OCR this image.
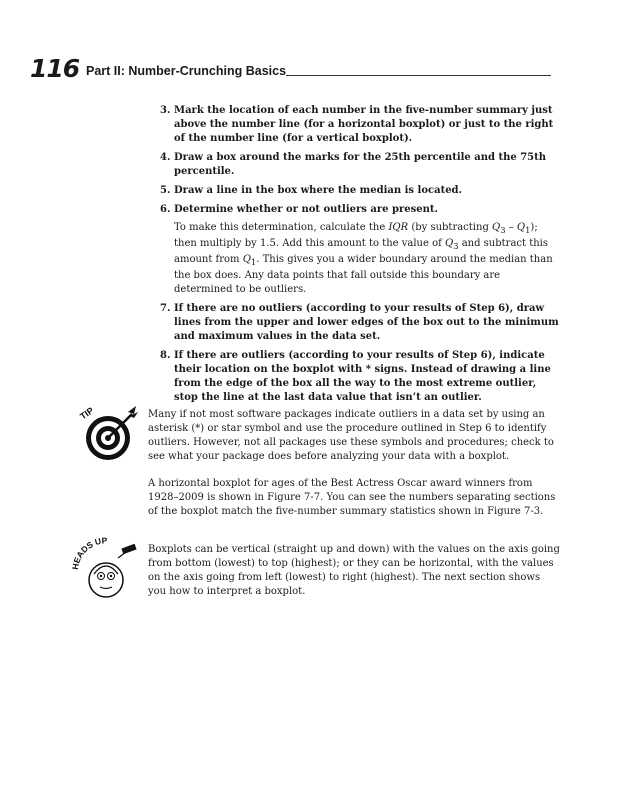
116 Part II: Number-Crunching Basics
3. Mark the location of each number in the five-number summary just above the number line (for a horizontal boxplot) or just to the right of the number line (for a vertical boxplot).
4. Draw a box around the marks for the 25th percentile and the 75th percentile.
5. Draw a line in the box where the median is located.
6. Determine whether or not outliers are present.
To make this determination, calculate the IQR (by subtracting $Q_3 - Q_1$); then multiply by 1.5. Add this amount to the value of $Q_3$ and subtract this amount from $Q_1$. This gives you a wider boundary around the median than the box does. Any data points that fall outside this boundary are determined to be outliers.
7. If there are no outliers (according to your results of Step 6), draw lines from the upper and lower edges of the box out to the minimum and maximum values in the data set.
8. If there are outliers (according to your results of Step 6), indicate their location on the boxplot with * signs. Instead of drawing a line from the edge of the box all the way to the most extreme outlier, stop the line at the last data value that isn’t an outlier.
TIP	Many if not most software packages indicate outliers in a data set by using an asterisk (*) or star symbol and use the procedure outlined in Step 6 to identify outliers. However, not all packages use these symbols and procedures; check to see what your package does before analyzing your data with a boxplot.

A horizontal boxplot for ages of the Best Actress Oscar award winners from 1928–2009 is shown in Figure 7-7. You can see the numbers separating sections of the boxplot match the five-number summary statistics shown in Figure 7-3.

EADS UP

Boxplots can be vertical (straight up and down) with the values on the axis going from bottom (lowest) to top (highest); or they can be horizontal, with the values on the axis going from left (lowest) to right (highest). The next section shows you how to interpret a boxplot.
